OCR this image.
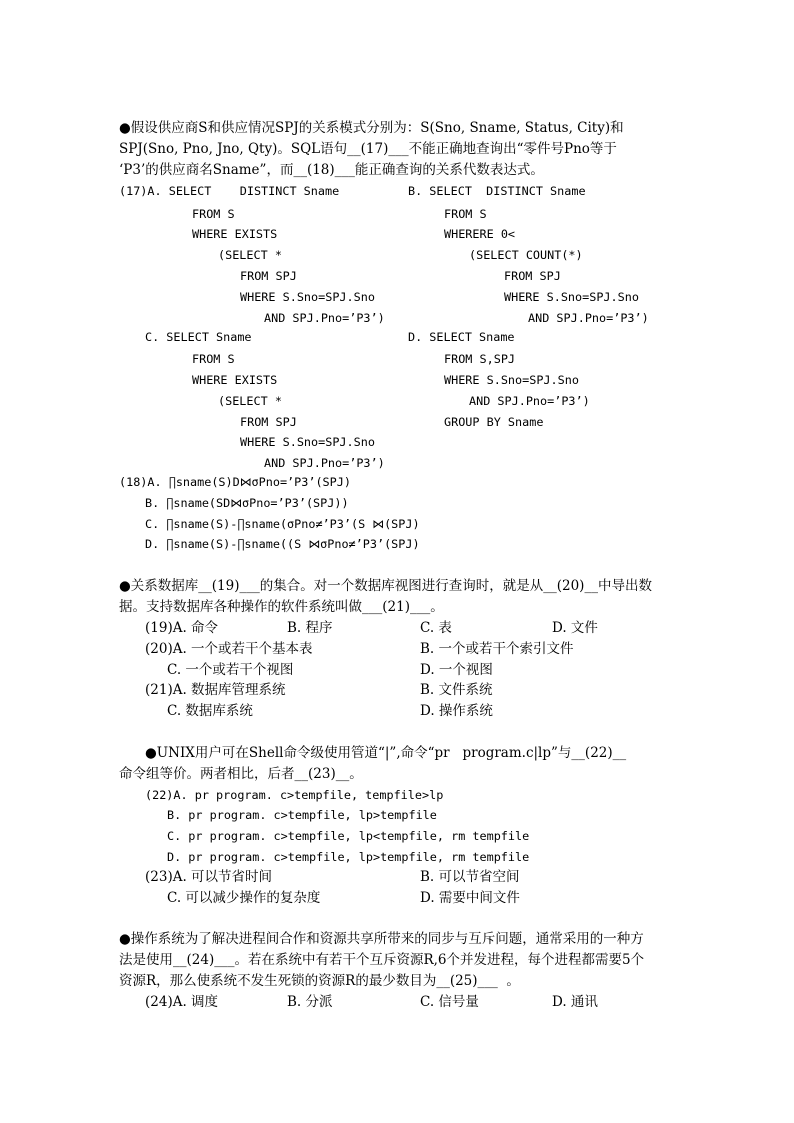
●假设供应商S和供应情况SPJ的关系模式分别为：S(Sno, Sname, Status, City)和
SPJ(Sno, Pno, Jno, Qty)。SQL语句__(17)___不能正确地查询出“零件号Pno等于
‘P3’的供应商名Sname”，而__(18)___能正确查询的关系代数表达式。
(17)A. SELECT    DISTINCT Sname
FROM S
WHERE EXISTS
(SELECT *
FROM SPJ
WHERE S.Sno=SPJ.Sno
AND SPJ.Pno=’P3’)
B. SELECT  DISTINCT Sname
FROM S
WHERERE 0<
(SELECT COUNT(*)
FROM SPJ
WHERE S.Sno=SPJ.Sno
AND SPJ.Pno=’P3’)
C. SELECT Sname
FROM S
WHERE EXISTS
(SELECT *
FROM SPJ
WHERE S.Sno=SPJ.Sno
AND SPJ.Pno=’P3’)
D. SELECT Sname
FROM S,SPJ
WHERE S.Sno=SPJ.Sno
AND SPJ.Pno=’P3’)
GROUP BY Sname
(18)A. ∏sname(S)D⋈σPno=’P3’(SPJ)
B. ∏sname(SD⋈σPno=’P3’(SPJ))
C. ∏sname(S)-∏sname(σPno≠’P3’(S ⋈(SPJ)
D. ∏sname(S)-∏sname((S ⋈σPno≠’P3’(SPJ)
●关系数据库__(19)___的集合。对一个数据库视图进行查询时，就是从__(20)__中导出数
据。支持数据库各种操作的软件系统叫做___(21)___。
(19)A. 命令	B. 程序	C. 表	D. 文件
(20)A. 一个或若干个基本表	B. 一个或若干个索引文件
C. 一个或若干个视图	D. 一个视图
(21)A. 数据库管理系统	B. 文件系统
C. 数据库系统	D. 操作系统
●UNIX用户可在Shell命令级使用管道“|”,命令“pr   program.c|lp”与__(22)__
命令组等价。两者相比，后者__(23)__。
(22)A. pr program. c>tempfile, tempfile>lp
B. pr program. c>tempfile, lp>tempfile
C. pr program. c>tempfile, lp<tempfile, rm tempfile
D. pr program. c>tempfile, lp>tempfile, rm tempfile
(23)A. 可以节省时间	B. 可以节省空间
C. 可以减少操作的复杂度	D. 需要中间文件
●操作系统为了解决进程间合作和资源共享所带来的同步与互斥问题，通常采用的一种方
法是使用__(24)___。若在系统中有若干个互斥资源R,6个并发进程，每个进程都需要5个
资源R，那么使系统不发生死锁的资源R的最少数目为__(25)___  。
(24)A. 调度	B. 分派	C. 信号量	D. 通讯
